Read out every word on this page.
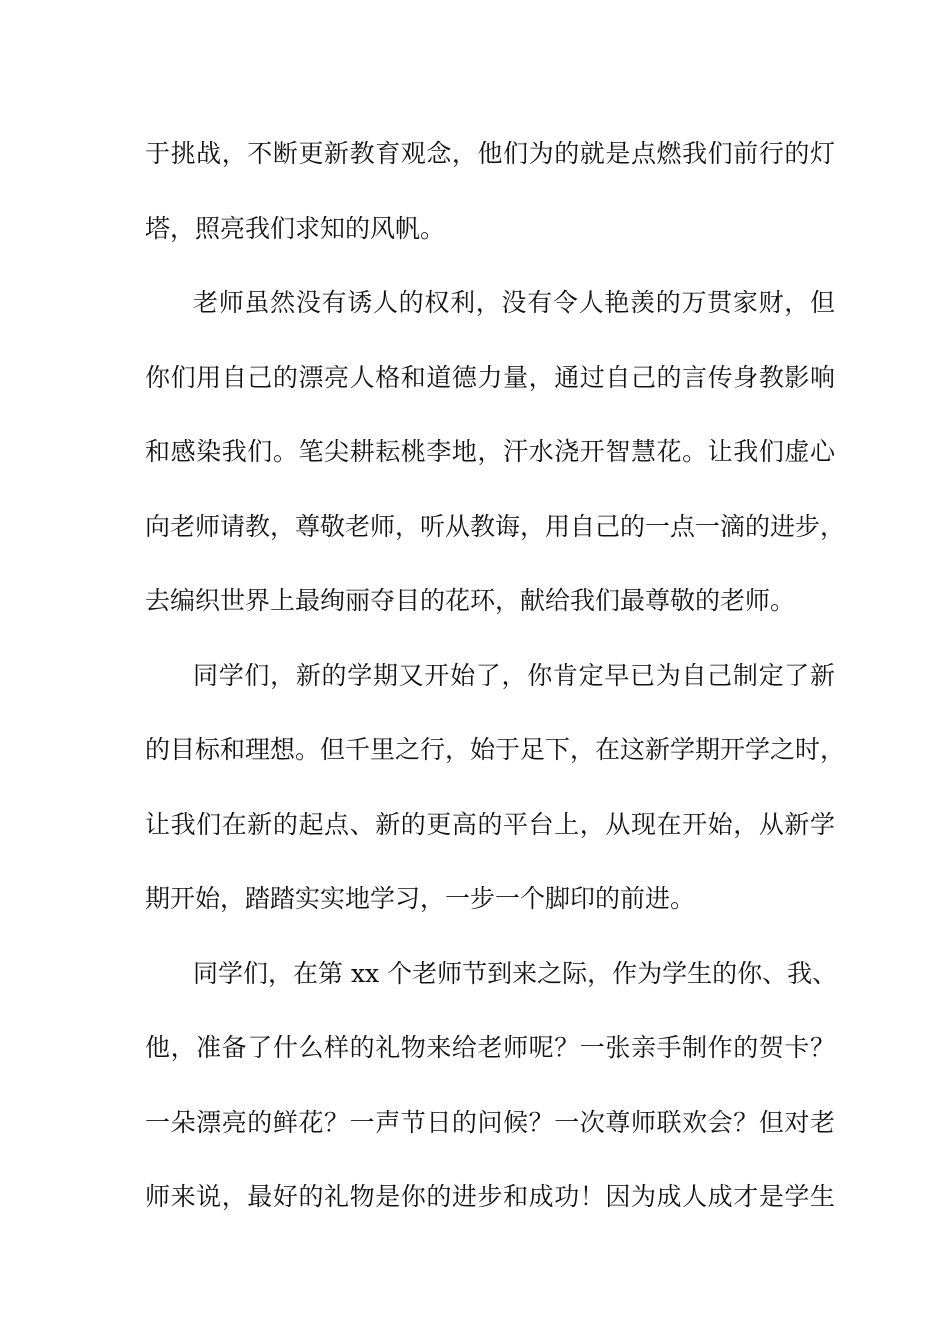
于挑战，不断更新教育观念，他们为的就是点燃我们前行的灯
塔，照亮我们求知的风帆。
老师虽然没有诱人的权利，没有令人艳羡的万贯家财，但
你们用自己的漂亮人格和道德力量，通过自己的言传身教影响
和感染我们。笔尖耕耘桃李地，汗水浇开智慧花。让我们虚心
向老师请教，尊敬老师，听从教诲，用自己的一点一滴的进步，
去编织世界上最绚丽夺目的花环，献给我们最尊敬的老师。
同学们，新的学期又开始了，你肯定早已为自己制定了新
的目标和理想。但千里之行，始于足下，在这新学期开学之时，
让我们在新的起点、新的更高的平台上，从现在开始，从新学
期开始，踏踏实实地学习，一步一个脚印的前进。
同学们，在第 xx 个老师节到来之际，作为学生的你、我、
他，准备了什么样的礼物来给老师呢？一张亲手制作的贺卡？
一朵漂亮的鲜花？一声节日的问候？一次尊师联欢会？但对老
师来说，最好的礼物是你的进步和成功！因为成人成才是学生
